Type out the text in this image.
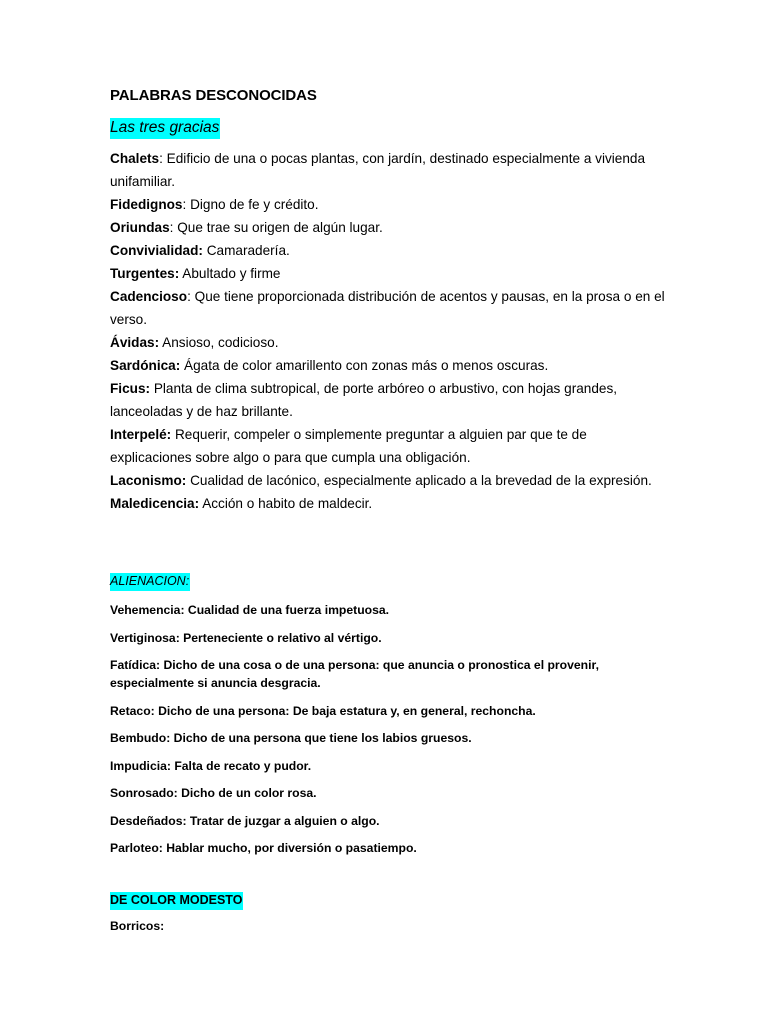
PALABRAS DESCONOCIDAS
Las tres gracias

Chalets: Edificio de una o pocas plantas, con jardín, destinado especialmente a vivienda unifamiliar.

Fidedignos: Digno de fe y crédito.

Oriundas: Que trae su origen de algún lugar.

Convivialidad: Camaradería.

Turgentes: Abultado y firme

Cadencioso: Que tiene proporcionada distribución de acentos y pausas, en la prosa o en el verso.

Ávidas: Ansioso, codicioso.

Sardónica: Ágata de color amarillento con zonas más o menos oscuras.

Ficus: Planta de clima subtropical, de porte arbóreo o arbustivo, con hojas grandes, lanceoladas y de haz brillante.

Interpelé: Requerir, compeler o simplemente preguntar a alguien par que te de explicaciones sobre algo o para que cumpla una obligación.

Laconismo: Cualidad de lacónico, especialmente aplicado a la brevedad de la expresión.

Maledicencia: Acción o habito de maldecir.

ALIENACION:

Vehemencia: Cualidad de una fuerza impetuosa.

Vertiginosa: Perteneciente o relativo al vértigo.

Fatídica: Dicho de una cosa o de una persona: que anuncia o pronostica el provenir, especialmente si anuncia desgracia.

Retaco: Dicho de una persona: De baja estatura y, en general, rechoncha.

Bembudo: Dicho de una persona que tiene los labios gruesos.

Impudicia: Falta de recato y pudor.

Sonrosado: Dicho de un color rosa.

Desdeñados: Tratar de juzgar a alguien o algo.

Parloteo: Hablar mucho, por diversión o pasatiempo.

DE COLOR MODESTO
Borricos:
